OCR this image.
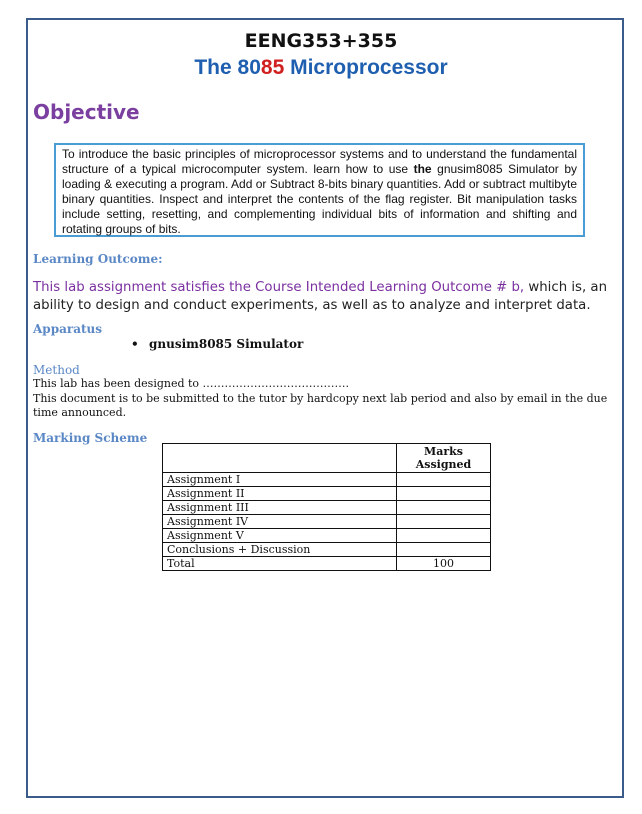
EENG353+355
The 8085 Microprocessor
Objective
To introduce the basic principles of microprocessor systems and to understand the fundamental structure of a typical microcomputer system. learn how to use the gnusim8085 Simulator by loading & executing a program. Add or Subtract 8-bits binary quantities. Add or subtract multibyte binary quantities. Inspect and interpret the contents of the flag register. Bit manipulation tasks include setting, resetting, and complementing individual bits of information and shifting and rotating groups of bits.
Learning Outcome:
This lab assignment satisfies the Course Intended Learning Outcome # b, which is, an ability to design and conduct experiments, as well as to analyze and interpret data.
Apparatus
• gnusim8085 Simulator
Method
This lab has been designed to ………………………………….
This document is to be submitted to the tutor by hardcopy next lab period and also by email in the due time announced.
Marking Scheme
	Marks Assigned
Assignment I	
Assignment II	
Assignment III	
Assignment IV	
Assignment V	
Conclusions + Discussion	
Total	100
